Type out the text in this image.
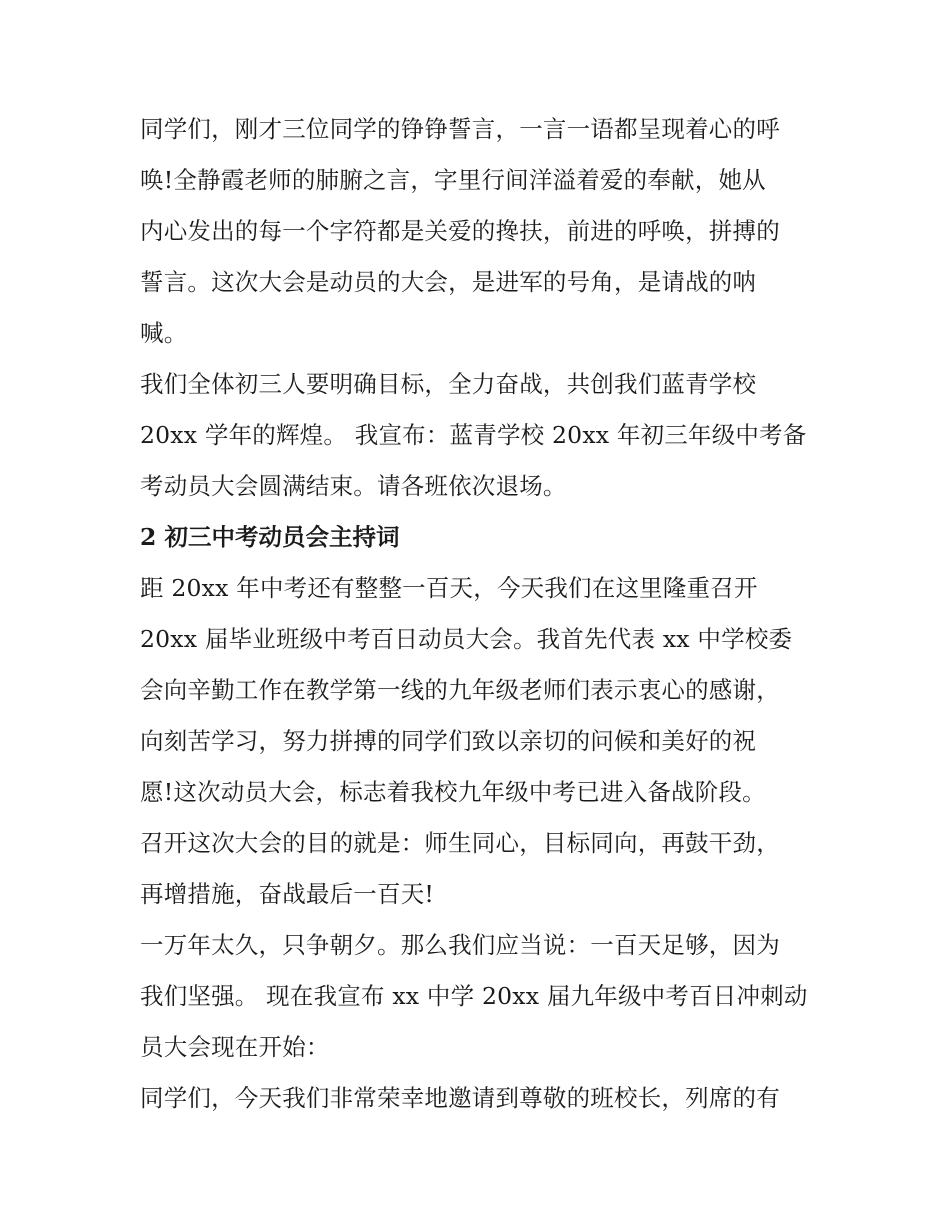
同学们，刚才三位同学的铮铮誓言，一言一语都呈现着心的呼
唤!全静霞老师的肺腑之言，字里行间洋溢着爱的奉献，她从
内心发出的每一个字符都是关爱的搀扶，前进的呼唤，拼搏的
誓言。这次大会是动员的大会，是进军的号角，是请战的呐
喊。

我们全体初三人要明确目标，全力奋战，共创我们蓝青学校
20xx 学年的辉煌。 我宣布：蓝青学校 20xx 年初三年级中考备
考动员大会圆满结束。请各班依次退场。

2 初三中考动员会主持词

距 20xx 年中考还有整整一百天，今天我们在这里隆重召开
20xx 届毕业班级中考百日动员大会。我首先代表 xx 中学校委
会向辛勤工作在教学第一线的九年级老师们表示衷心的感谢，
向刻苦学习，努力拼搏的同学们致以亲切的问候和美好的祝
愿!这次动员大会，标志着我校九年级中考已进入备战阶段。
召开这次大会的目的就是：师生同心，目标同向，再鼓干劲，
再增措施，奋战最后一百天!

一万年太久，只争朝夕。那么我们应当说：一百天足够，因为
我们坚强。 现在我宣布 xx 中学 20xx 届九年级中考百日冲刺动
员大会现在开始：

同学们，今天我们非常荣幸地邀请到尊敬的班校长，列席的有
